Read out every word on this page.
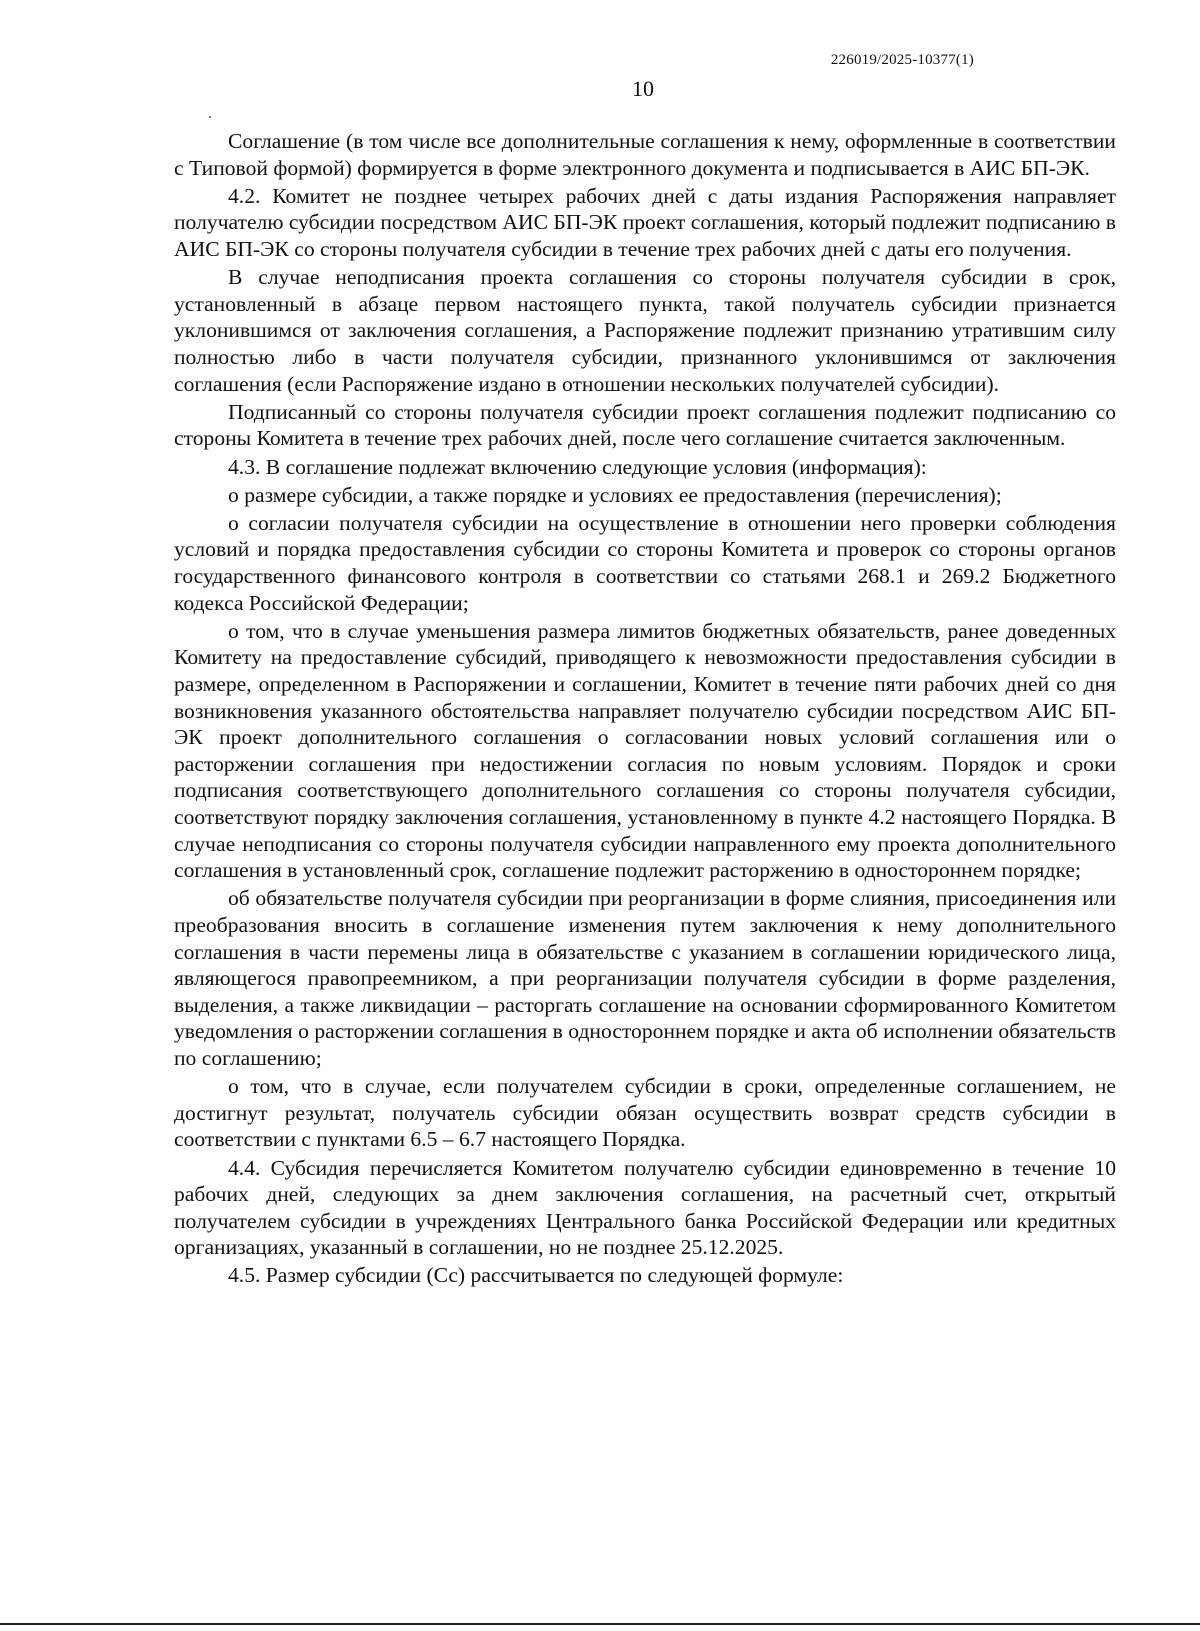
226019/2025-10377(1)
10

Соглашение (в том числе все дополнительные соглашения к нему, оформленные в соответствии с Типовой формой) формируется в форме электронного документа и подписывается в АИС БП-ЭК.

4.2. Комитет не позднее четырех рабочих дней с даты издания Распоряжения направляет получателю субсидии посредством АИС БП-ЭК проект соглашения, который подлежит подписанию в АИС БП-ЭК со стороны получателя субсидии в течение трех рабочих дней с даты его получения.

В случае неподписания проекта соглашения со стороны получателя субсидии в срок, установленный в абзаце первом настоящего пункта, такой получатель субсидии признается уклонившимся от заключения соглашения, а Распоряжение подлежит признанию утратившим силу полностью либо в части получателя субсидии, признанного уклонившимся от заключения соглашения (если Распоряжение издано в отношении нескольких получателей субсидии).

Подписанный со стороны получателя субсидии проект соглашения подлежит подписанию со стороны Комитета в течение трех рабочих дней, после чего соглашение считается заключенным.

4.3. В соглашение подлежат включению следующие условия (информация):

о размере субсидии, а также порядке и условиях ее предоставления (перечисления);

о согласии получателя субсидии на осуществление в отношении него проверки соблюдения условий и порядка предоставления субсидии со стороны Комитета и проверок со стороны органов государственного финансового контроля в соответствии со статьями 268.1 и 269.2 Бюджетного кодекса Российской Федерации;

о том, что в случае уменьшения размера лимитов бюджетных обязательств, ранее доведенных Комитету на предоставление субсидий, приводящего к невозможности предоставления субсидии в размере, определенном в Распоряжении и соглашении, Комитет в течение пяти рабочих дней со дня возникновения указанного обстоятельства направляет получателю субсидии посредством АИС БП-ЭК проект дополнительного соглашения о согласовании новых условий соглашения или о расторжении соглашения при недостижении согласия по новым условиям. Порядок и сроки подписания соответствующего дополнительного соглашения со стороны получателя субсидии, соответствуют порядку заключения соглашения, установленному в пункте 4.2 настоящего Порядка. В случае неподписания со стороны получателя субсидии направленного ему проекта дополнительного соглашения в установленный срок, соглашение подлежит расторжению в одностороннем порядке;

об обязательстве получателя субсидии при реорганизации в форме слияния, присоединения или преобразования вносить в соглашение изменения путем заключения к нему дополнительного соглашения в части перемены лица в обязательстве с указанием в соглашении юридического лица, являющегося правопреемником, а при реорганизации получателя субсидии в форме разделения, выделения, а также ликвидации – расторгать соглашение на основании сформированного Комитетом уведомления о расторжении соглашения в одностороннем порядке и акта об исполнении обязательств по соглашению;

о том, что в случае, если получателем субсидии в сроки, определенные соглашением, не достигнут результат, получатель субсидии обязан осуществить возврат средств субсидии в соответствии с пунктами 6.5 – 6.7 настоящего Порядка.

4.4. Субсидия перечисляется Комитетом получателю субсидии единовременно в течение 10 рабочих дней, следующих за днем заключения соглашения, на расчетный счет, открытый получателем субсидии в учреждениях Центрального банка Российской Федерации или кредитных организациях, указанный в соглашении, но не позднее 25.12.2025.

4.5. Размер субсидии (Сс) рассчитывается по следующей формуле:
